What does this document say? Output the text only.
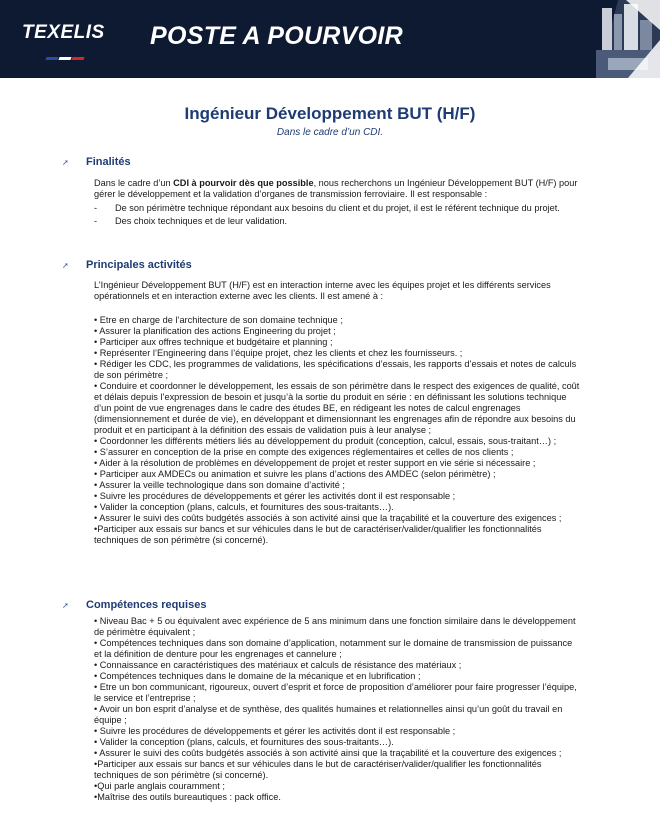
TEXELIS POSTE A POURVOIR
Ingénieur Développement BUT (H/F)
Dans le cadre d’un CDI.
➚ Finalités

Dans le cadre d’un CDI à pourvoir dès que possible, nous recherchons un Ingénieur Développement BUT (H/F) pour gérer le développement et la validation d’organes de transmission ferroviaire. Il est responsable :

- De son périmètre technique répondant aux besoins du client et du projet, il est le référent technique du projet.

- Des choix techniques et de leur validation.

➚ Principales activités

L’Ingénieur Développement BUT (H/F) est en interaction interne avec les équipes projet et les différents services opérationnels et en interaction externe avec les clients. Il est amené à :

• Etre en charge de l’architecture de son domaine technique ;

• Assurer la planification des actions Engineering du projet ;

• Participer aux offres technique et budgétaire et planning ;

• Représenter l’Engineering dans l’équipe projet, chez les clients et chez les fournisseurs. ;

• Rédiger les CDC, les programmes de validations, les spécifications d’essais, les rapports d’essais et notes de calculs de son périmètre ;

• Conduire et coordonner le développement, les essais de son périmètre dans le respect des exigences de qualité, coût et délais depuis l’expression de besoin et jusqu’à la sortie du produit en série : en définissant les solutions technique d’un point de vue engrenages dans le cadre des études BE, en rédigeant les notes de calcul engrenages (dimensionnement et durée de vie), en développant et dimensionnant les engrenages afin de répondre aux besoins du produit et en participant à la définition des essais de validation puis à leur analyse ;

• Coordonner les différents métiers liés au développement du produit (conception, calcul, essais, sous-traitant…) ;

• S’assurer en conception de la prise en compte des exigences réglementaires et celles de nos clients ;

• Aider à la résolution de problèmes en développement de projet et rester support en vie série si nécessaire ;

• Participer aux AMDECs ou animation et suivre les plans d’actions des AMDEC (selon périmètre) ;

• Assurer la veille technologique dans son domaine d’activité ;

• Suivre les procédures de développements et gérer les activités dont il est responsable ;

• Valider la conception (plans, calculs, et fournitures des sous-traitants…).

• Assurer le suivi des coûts budgétés associés à son activité ainsi que la traçabilité et la couverture des exigences ;

•Participer aux essais sur bancs et sur véhicules dans le but de caractériser/valider/qualifier les fonctionnalités techniques de son périmètre (si concerné).

➚ Compétences requises

• Niveau Bac + 5 ou équivalent avec expérience de 5 ans minimum dans une fonction similaire dans le développement de périmètre équivalent ;

• Compétences techniques dans son domaine d’application, notamment sur le domaine de transmission de puissance et la définition de denture pour les engrenages et cannelure ;

• Connaissance en caractéristiques des matériaux et calculs de résistance des matériaux ;

• Compétences techniques dans le domaine de la mécanique et en lubrification ;

• Etre un bon communicant, rigoureux, ouvert d’esprit et force de proposition d’améliorer pour faire progresser l’équipe, le service et l’entreprise ;

• Avoir un bon esprit d’analyse et de synthèse, des qualités humaines et relationnelles ainsi qu’un goût du travail en équipe ;

• Suivre les procédures de développements et gérer les activités dont il est responsable ;

• Valider la conception (plans, calculs, et fournitures des sous-traitants…).

• Assurer le suivi des coûts budgétés associés à son activité ainsi que la traçabilité et la couverture des exigences ;

•Participer aux essais sur bancs et sur véhicules dans le but de caractériser/valider/qualifier les fonctionnalités techniques de son périmètre (si concerné).

•Qui parle anglais couramment ;

•Maîtrise des outils bureautiques : pack office.
